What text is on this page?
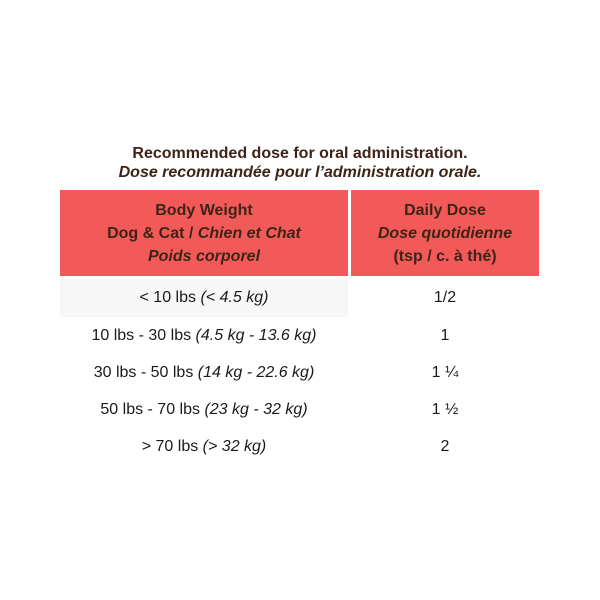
Recommended dose for oral administration.
Dose recommandée pour l’administration orale.
Body Weight
Dog & Cat / Chien et Chat
Poids corporel
Daily Dose
Dose quotidienne
(tsp / c. à thé)
< 10 lbs (< 4.5 kg)	1/2
10 lbs - 30 lbs (4.5 kg - 13.6 kg)	1
30 lbs - 50 lbs (14 kg - 22.6 kg)	1 ¼
50 lbs - 70 lbs (23 kg - 32 kg)	1 ½
> 70 lbs (> 32 kg)	2
